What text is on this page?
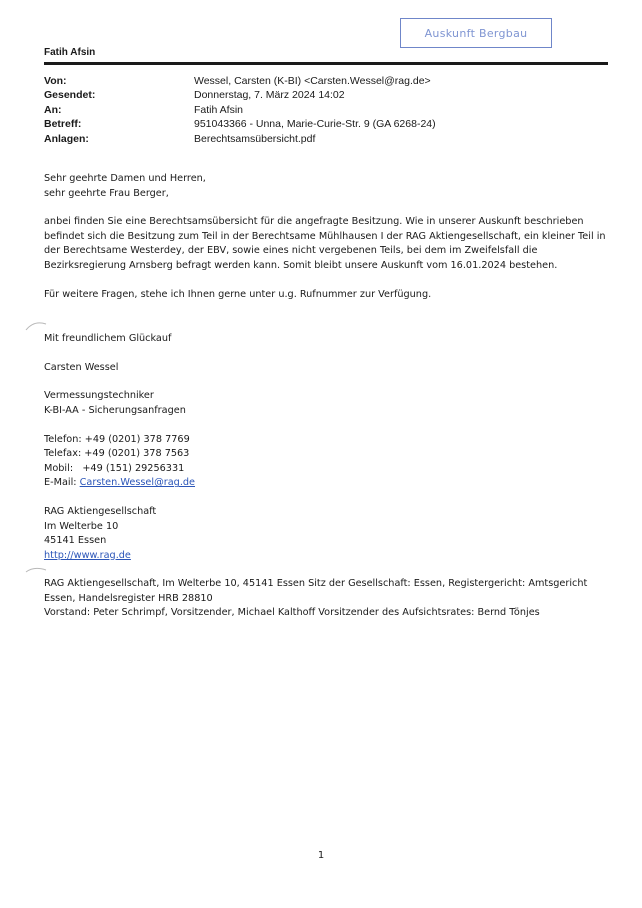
Auskunft Bergbau
Fatih Afsin
Von:	Wessel, Carsten (K-BI) <Carsten.Wessel@rag.de>
Gesendet:	Donnerstag, 7. März 2024 14:02
An:	Fatih Afsin
Betreff:	951043366 - Unna, Marie-Curie-Str. 9 (GA 6268-24)
Anlagen:	Berechtsamsübersicht.pdf

Sehr geehrte Damen und Herren,

sehr geehrte Frau Berger,

anbei finden Sie eine Berechtsamsübersicht für die angefragte Besitzung. Wie in unserer Auskunft beschrieben

befindet sich die Besitzung zum Teil in der Berechtsame Mühlhausen I der RAG Aktiengesellschaft, ein kleiner Teil in

der Berechtsame Westerdey, der EBV, sowie eines nicht vergebenen Teils, bei dem im Zweifelsfall die

Bezirksregierung Arnsberg befragt werden kann. Somit bleibt unsere Auskunft vom 16.01.2024 bestehen.

Für weitere Fragen, stehe ich Ihnen gerne unter u.g. Rufnummer zur Verfügung.

Mit freundlichem Glückauf

Carsten Wessel

Vermessungstechniker

K-BI-AA - Sicherungsanfragen

Telefon: +49 (0201) 378 7769

Telefax: +49 (0201) 378 7563

Mobil:   +49 (151) 29256331

E-Mail: Carsten.Wessel@rag.de

RAG Aktiengesellschaft

Im Welterbe 10

45141 Essen

http://www.rag.de

RAG Aktiengesellschaft, Im Welterbe 10, 45141 Essen Sitz der Gesellschaft: Essen, Registergericht: Amtsgericht

Essen, Handelsregister HRB 28810

Vorstand: Peter Schrimpf, Vorsitzender, Michael Kalthoff Vorsitzender des Aufsichtsrates: Bernd Tönjes

1
